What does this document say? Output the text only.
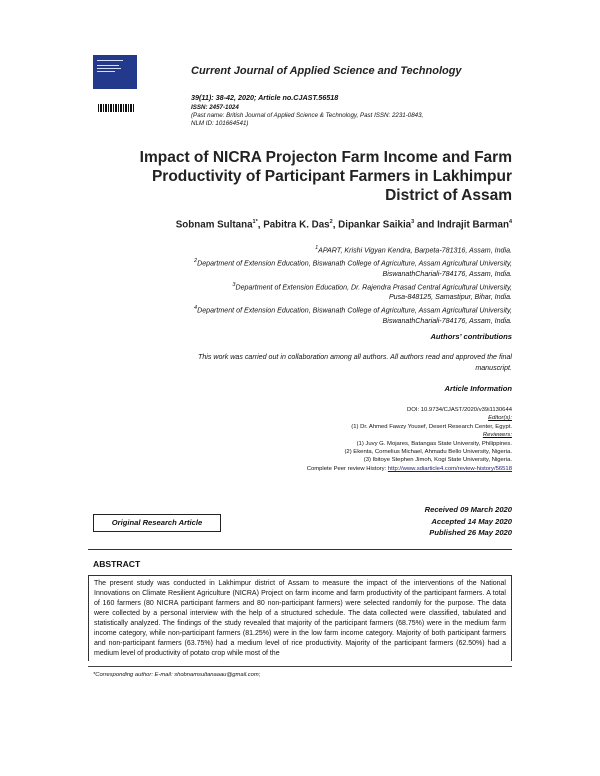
Current Journal of Applied Science and Technology
39(11): 38-42, 2020; Article no.CJAST.56518
ISSN: 2457-1024
(Past name: British Journal of Applied Science & Technology, Past ISSN: 2231-0843,
NLM ID: 101664541)
Impact of NICRA Projecton Farm Income and Farm
Productivity of Participant Farmers in Lakhimpur
District of Assam
Sobnam Sultana$^{1*}$, Pabitra K. Das$^2$, Dipankar Saikia$^3$ and Indrajit Barman$^4$
$^1$APART, Krishi Vigyan Kendra, Barpeta-781316, Assam, India.
$^2$Department of Extension Education, Biswanath College of Agriculture, Assam Agricultural University,
BiswanathChariali-784176, Assam, India.
$^3$Department of Extension Education, Dr. Rajendra Prasad Central Agricultural University,
Pusa-848125, Samastipur, Bihar, India.
$^4$Department of Extension Education, Biswanath College of Agriculture, Assam Agricultural University,
BiswanathChariali-784176, Assam, India.
Authors’ contributions
This work was carried out in collaboration among all authors. All authors read and approved the final
manuscript.
Article Information
DOI: 10.9734/CJAST/2020/v39i1130644
Editor(s):
(1) Dr. Ahmed Fawzy Yousef, Desert Research Center, Egypt.
Reviewers:
(1) Juvy G. Mojares, Batangas State University, Philippines.
(2) Ekenta, Cornelius Michael, Ahmadu Bello University, Nigeria.
(3) Ibitoye Stephen Jimoh, Kogi State University, Nigeria.
Complete Peer review History: http://www.sdiarticle4.com/review-history/56518
Received 09 March 2020
Accepted 14 May 2020
Published 26 May 2020
Original Research Article
ABSTRACT

The present study was conducted in Lakhimpur district of Assam to measure the impact of the interventions of the National Innovations on Climate Resilient Agriculture (NICRA) Project on farm income and farm productivity of the participant farmers. A total of 160 farmers (80 NICRA participant farmers and 80 non-participant farmers) were selected randomly for the purpose. The data were collected by a personal interview with the help of a structured schedule. The data collected were classified, tabulated and statistically analyzed. The findings of the study revealed that majority of the participant farmers (68.75%) were in the medium farm income category, while non-participant farmers (81.25%) were in the low farm income category. Majority of both participant farmers and non-participant farmers (63.75%) had a medium level of rice productivity. Majority of the participant farmers (62.50%) had a medium level of productivity of potato crop while most of the

*Corresponding author: E-mail: shobnamsultanaaau@gmail.com;
